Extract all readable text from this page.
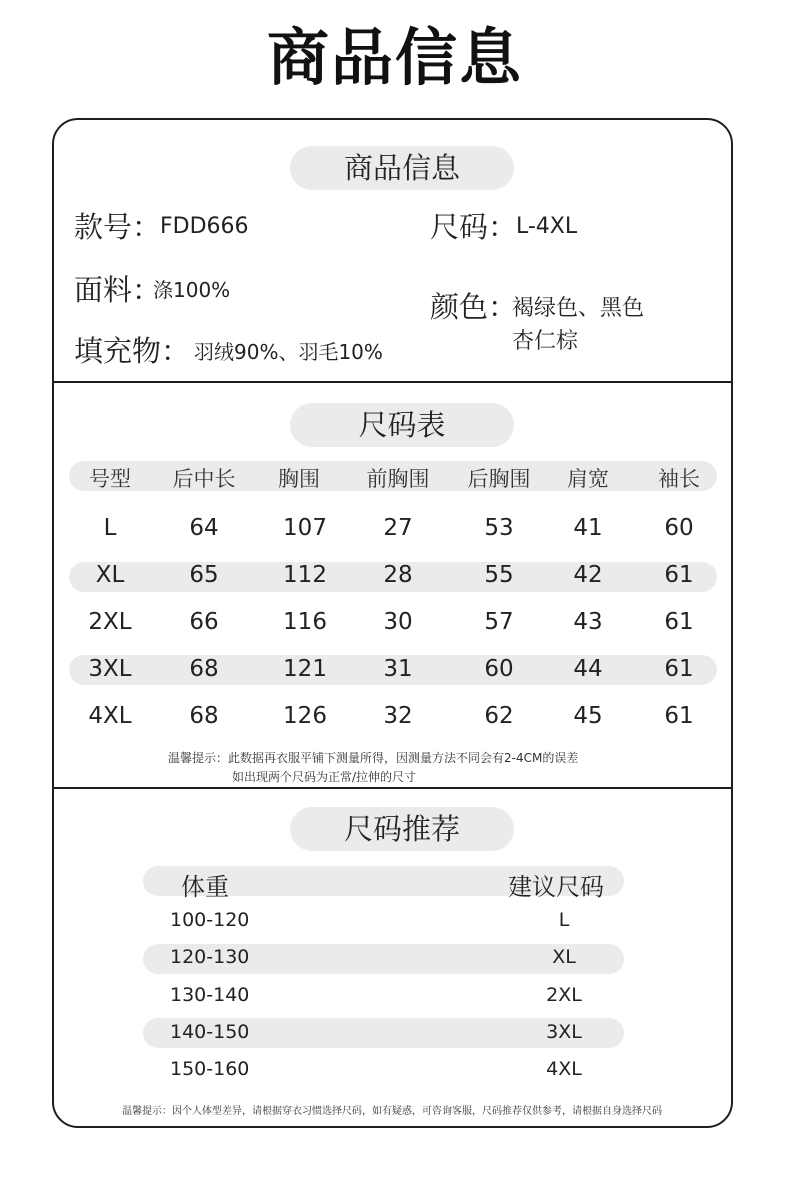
商品信息
商品信息
款号：
FDD666	尺码：
L-4XL
面料：
涤100%	颜色：
褐绿色、黑色
杏仁棕
填充物： 羽绒90%、羽毛10%
尺码表
号型	后中长	胸围	前胸围	后胸围	肩宽	袖长
L	64	107	27	53	41	60
XL	65	112	28	55	42	61
2XL	66	116	30	57	43	61
3XL	68	121	31	60	44	61
4XL	68	126	32	62	45	61
温馨提示：此数据再衣服平铺下测量所得，因测量方法不同会有2-4CM的误差
如出现两个尺码为正常/拉伸的尺寸
尺码推荐
体重	建议尺码
100-120	L
120-130	XL
130-140	2XL
140-150	3XL
150-160	4XL
温馨提示：因个人体型差异，请根据穿衣习惯选择尺码，如有疑惑，可咨询客服，尺码推荐仅供参考，请根据自身选择尺码
